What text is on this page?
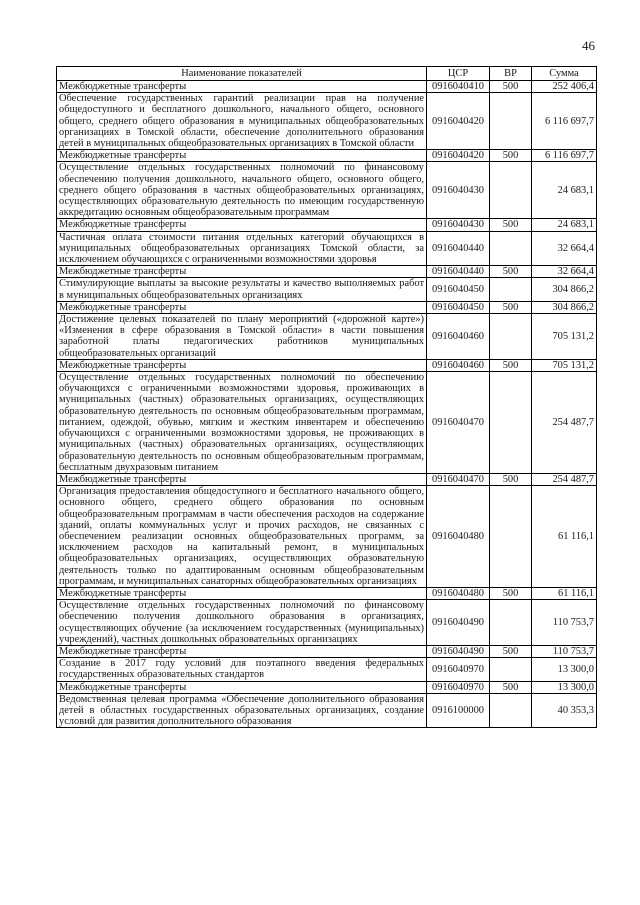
46
Наименование показателей	ЦСР	ВР	Сумма
Межбюджетные трансферты	0916040410	500	252 406,4
Обеспечение государственных гарантий реализации прав на получение общедоступного и бесплатного дошкольного, начального общего, основного общего, среднего общего образования в муниципальных общеобразовательных организациях в Томской области, обеспечение дополнительного образования детей в муниципальных общеобразовательных организациях в Томской области	0916040420		6 116 697,7
Межбюджетные трансферты	0916040420	500	6 116 697,7
Осуществление отдельных государственных полномочий по финансовому обеспечению получения дошкольного, начального общего, основного общего, среднего общего образования в частных общеобразовательных организациях, осуществляющих образовательную деятельность по имеющим государственную аккредитацию основным общеобразовательным программам	0916040430		24 683,1
Межбюджетные трансферты	0916040430	500	24 683,1
Частичная оплата стоимости питания отдельных категорий обучающихся в муниципальных общеобразовательных организациях Томской области, за исключением обучающихся с ограниченными возможностями здоровья	0916040440		32 664,4
Межбюджетные трансферты	0916040440	500	32 664,4
Стимулирующие выплаты за высокие результаты и качество выполняемых работ в муниципальных общеобразовательных организациях	0916040450		304 866,2
Межбюджетные трансферты	0916040450	500	304 866,2
Достижение целевых показателей по плану мероприятий («дорожной карте») «Изменения в сфере образования в Томской области» в части повышения заработной платы педагогических работников муниципальных общеобразовательных организаций	0916040460		705 131,2
Межбюджетные трансферты	0916040460	500	705 131,2
Осуществление отдельных государственных полномочий по обеспечению обучающихся с ограниченными возможностями здоровья, проживающих в муниципальных (частных) образовательных организациях, осуществляющих образовательную деятельность по основным общеобразовательным программам, питанием, одеждой, обувью, мягким и жестким инвентарем и обеспечению обучающихся с ограниченными возможностями здоровья, не проживающих в муниципальных (частных) образовательных организациях, осуществляющих образовательную деятельность по основным общеобразовательным программам, бесплатным двухразовым питанием	0916040470		254 487,7
Межбюджетные трансферты	0916040470	500	254 487,7
Организация предоставления общедоступного и бесплатного начального общего, основного общего, среднего общего образования по основным общеобразовательным программам в части обеспечения расходов на содержание зданий, оплаты коммунальных услуг и прочих расходов, не связанных с обеспечением реализации основных общеобразовательных программ, за исключением расходов на капитальный ремонт, в муниципальных общеобразовательных организациях, осуществляющих образовательную деятельность только по адаптированным основным общеобразовательным программам, и муниципальных санаторных общеобразовательных организациях	0916040480		61 116,1
Межбюджетные трансферты	0916040480	500	61 116,1
Осуществление отдельных государственных полномочий по финансовому обеспечению получения дошкольного образования в организациях, осуществляющих обучение (за исключением государственных (муниципальных) учреждений), частных дошкольных образовательных организациях	0916040490		110 753,7
Межбюджетные трансферты	0916040490	500	110 753,7
Создание в 2017 году условий для поэтапного введения федеральных государственных образовательных стандартов	0916040970		13 300,0
Межбюджетные трансферты	0916040970	500	13 300,0
Ведомственная целевая программа «Обеспечение дополнительного образования детей в областных государственных образовательных организациях, создание условий для развития дополнительного образования	0916100000		40 353,3
